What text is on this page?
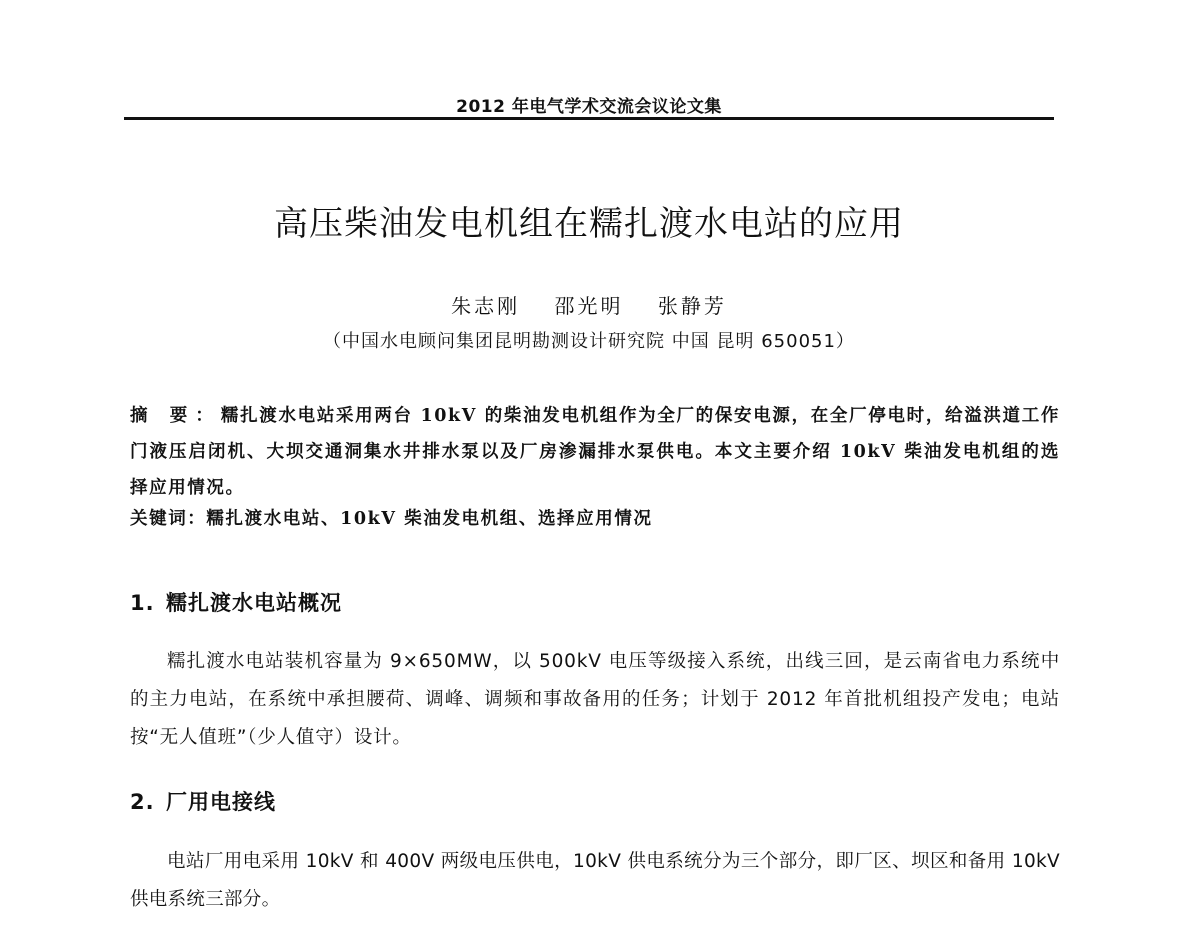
2012 年电气学术交流会议论文集
高压柴油发电机组在糯扎渡水电站的应用
朱志刚 邵光明 张静芳
（中国水电顾问集团昆明勘测设计研究院 中国 昆明 650051）
摘 要：糯扎渡水电站采用两台 10kV 的柴油发电机组作为全厂的保安电源，在全厂停电时，给溢洪道工作门液压启闭机、大坝交通洞集水井排水泵以及厂房渗漏排水泵供电。本文主要介绍 10kV 柴油发电机组的选择应用情况。
关键词：糯扎渡水电站、10kV 柴油发电机组、选择应用情况
1. 糯扎渡水电站概况

糯扎渡水电站装机容量为 9×650MW，以 500kV 电压等级接入系统，出线三回，是云南省电力系统中的主力电站，在系统中承担腰荷、调峰、调频和事故备用的任务；计划于 2012 年首批机组投产发电；电站按“无人值班”（少人值守）设计。

2. 厂用电接线

电站厂用电采用 10kV 和 400V 两级电压供电，10kV 供电系统分为三个部分，即厂区、坝区和备用 10kV 供电系统三部分。
